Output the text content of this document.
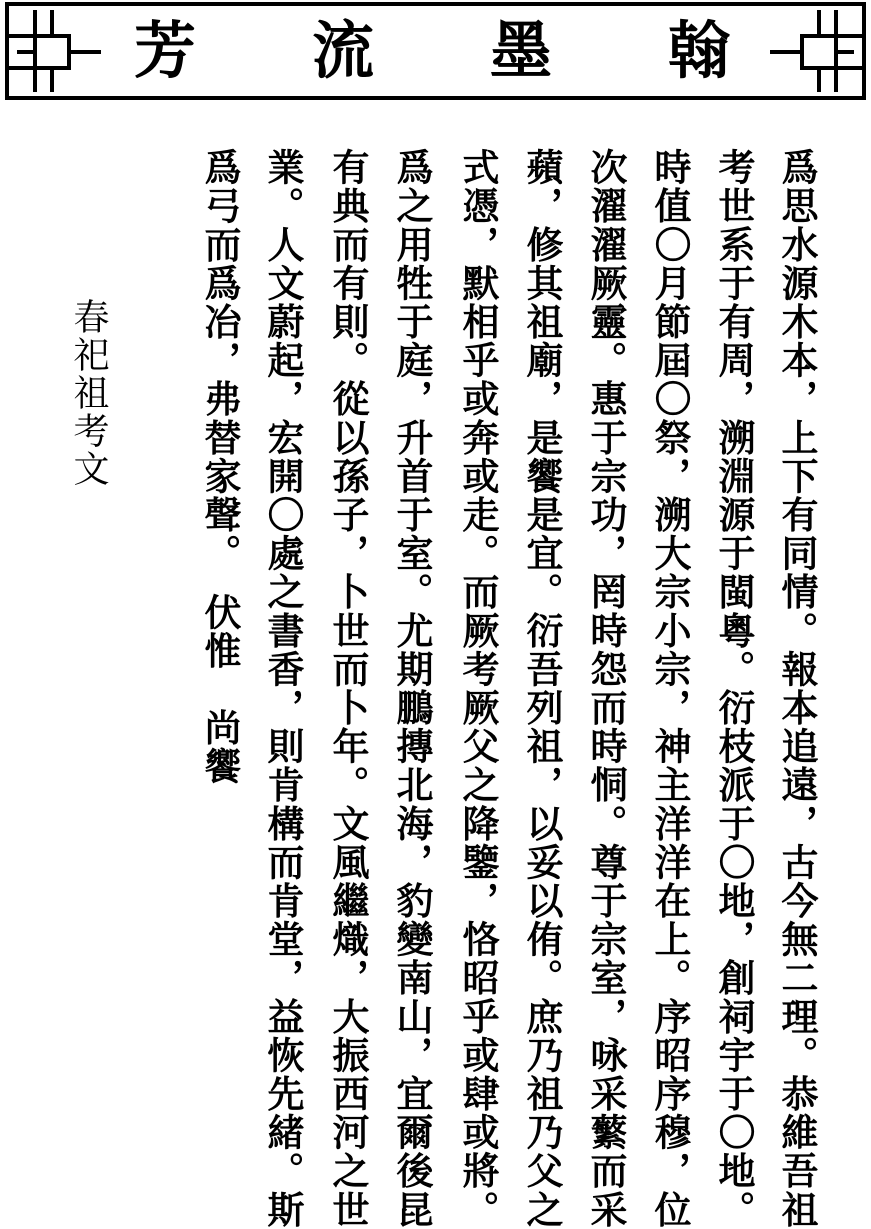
芳	流	墨	翰
爲思水源木本，上下有同情。報本追遠，古今無二理。恭維吾祖
考世系于有周，溯淵源于閩粵。衍枝派于〇地，創祠宇于〇地。
時值〇月節屆〇祭，溯大宗小宗，神主洋洋在上。序昭序穆，位
次濯濯厥靈。惠于宗功，罔時怨而時恫。尊于宗室，咏采蘩而采
蘋，修其祖廟，是饗是宜。衍吾列祖，以妥以侑。庶乃祖乃父之
式憑，默相乎或奔或走。而厥考厥父之降鑒，恪昭乎或肆或將。
爲之用牲于庭，升首于室。尤期鵬摶北海，豹變南山，宜爾後昆
有典而有則。從以孫子，卜世而卜年。文風繼熾，大振西河之世
業。人文蔚起，宏開〇處之書香，則肯構而肯堂，益恢先緒。斯
爲弓而爲冶，弗替家聲。　伏惟　尚饗
春祀祖考文
